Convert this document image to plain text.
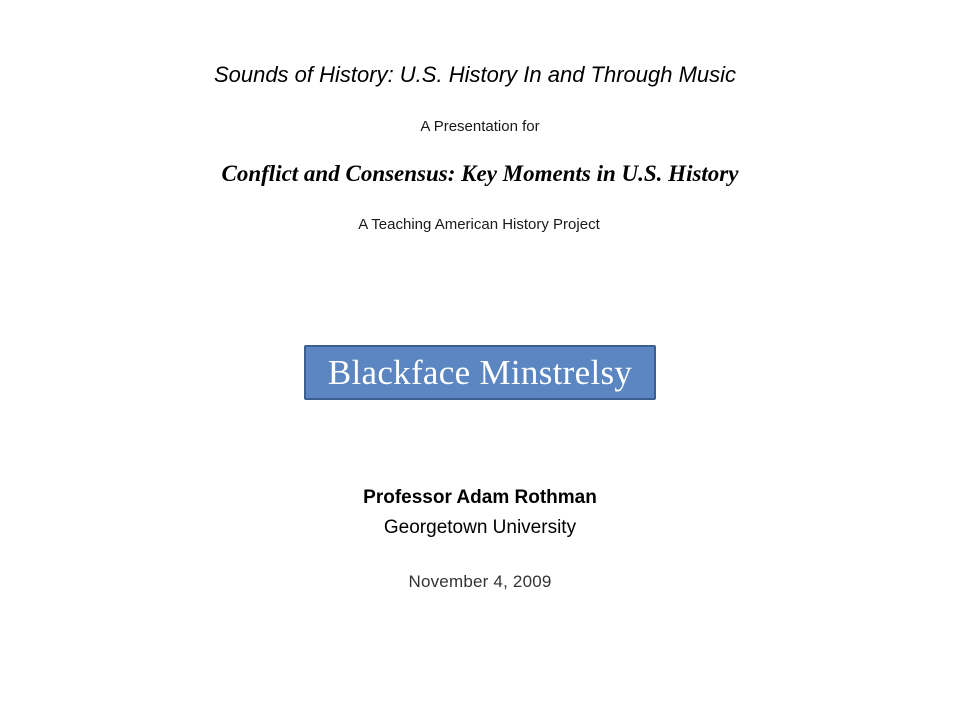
Sounds of History: U.S. History In and Through Music
A Presentation for
Conflict and Consensus: Key Moments in U.S. History
A Teaching American History Project
Blackface Minstrelsy
Professor Adam Rothman
Georgetown University
November 4, 2009
